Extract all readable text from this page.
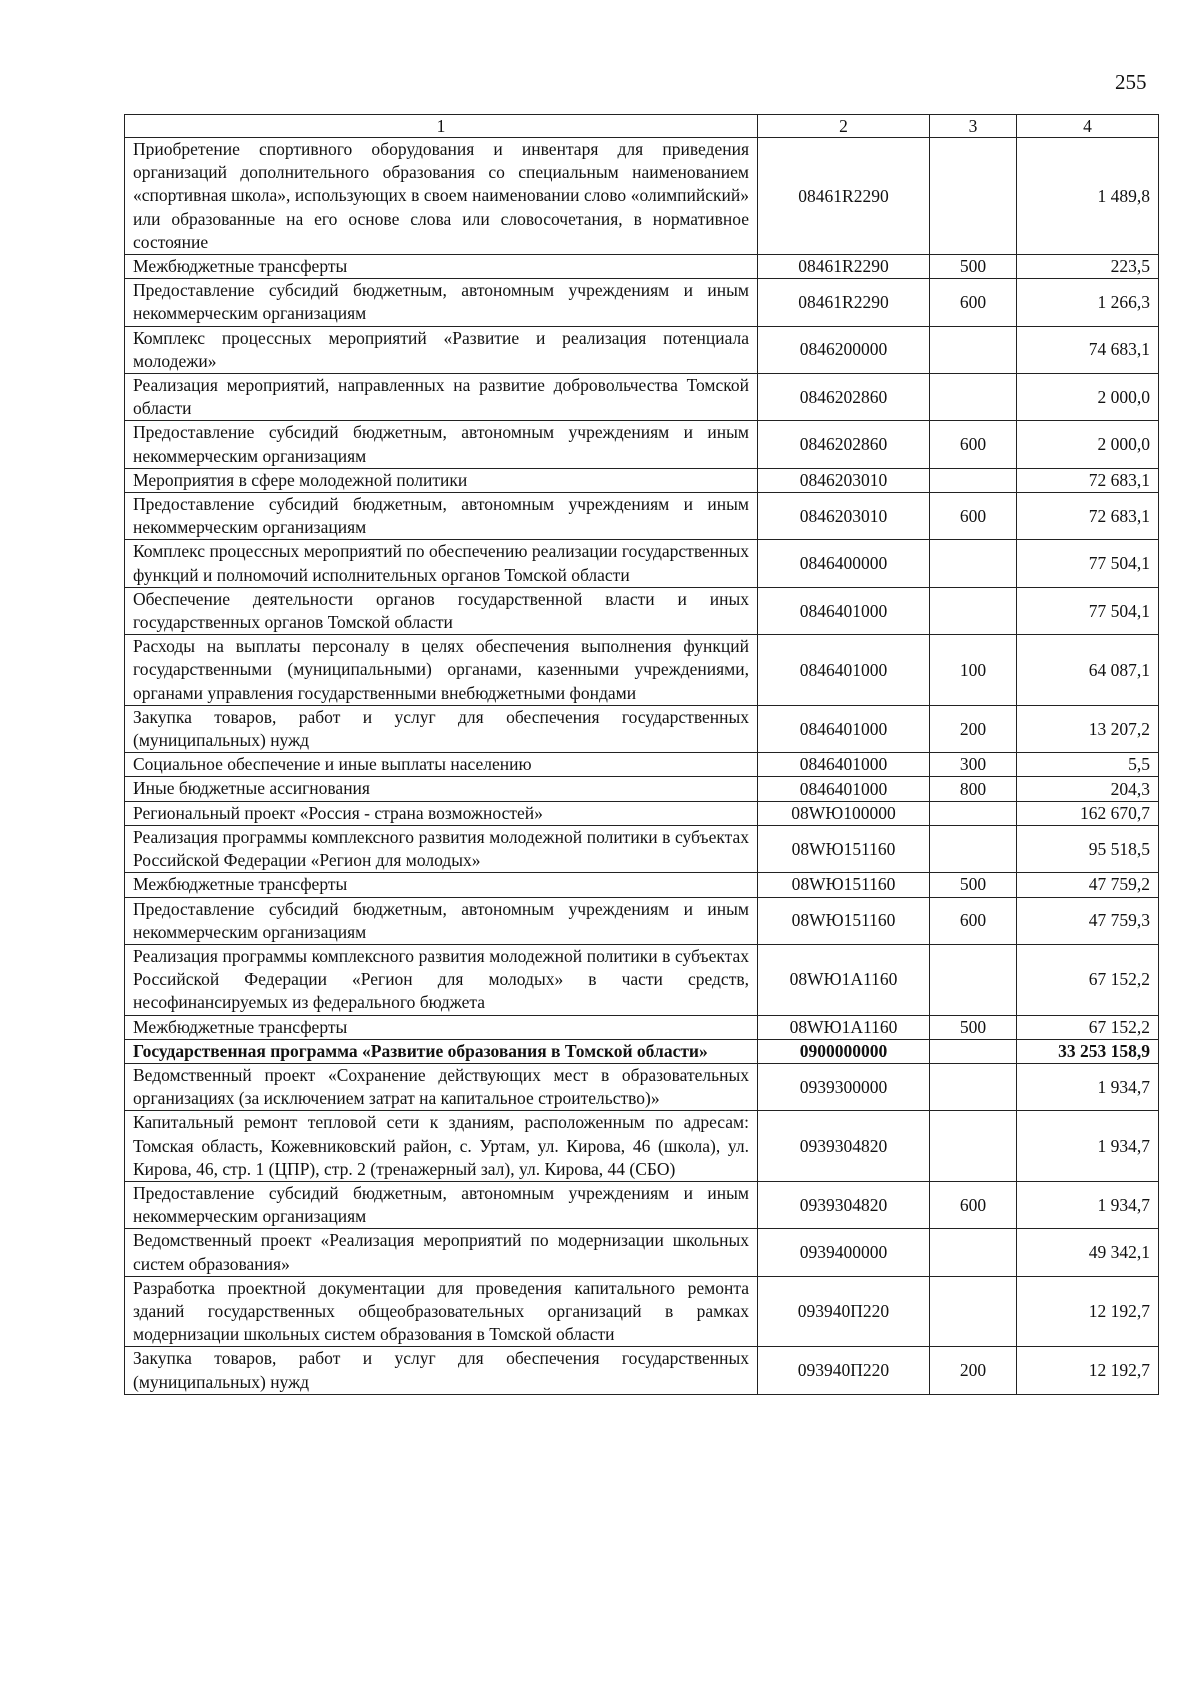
255
1	2	3	4
Приобретение спортивного оборудования и инвентаря для приведения организаций дополнительного образования со специальным наименованием «спортивная школа», использующих в своем наименовании слово «олимпийский» или образованные на его основе слова или словосочетания, в нормативное состояние	08461R2290		1 489,8
Межбюджетные трансферты	08461R2290	500	223,5
Предоставление субсидий бюджетным, автономным учреждениям и иным некоммерческим организациям	08461R2290	600	1 266,3
Комплекс процессных мероприятий «Развитие и реализация потенциала молодежи»	0846200000		74 683,1
Реализация мероприятий, направленных на развитие добровольчества Томской области	0846202860		2 000,0
Предоставление субсидий бюджетным, автономным учреждениям и иным некоммерческим организациям	0846202860	600	2 000,0
Мероприятия в сфере молодежной политики	0846203010		72 683,1
Предоставление субсидий бюджетным, автономным учреждениям и иным некоммерческим организациям	0846203010	600	72 683,1
Комплекс процессных мероприятий по обеспечению реализации государственных функций и полномочий исполнительных органов Томской области	0846400000		77 504,1
Обеспечение деятельности органов государственной власти и иных государственных органов Томской области	0846401000		77 504,1
Расходы на выплаты персоналу в целях обеспечения выполнения функций государственными (муниципальными) органами, казенными учреждениями, органами управления государственными внебюджетными фондами	0846401000	100	64 087,1
Закупка товаров, работ и услуг для обеспечения государственных (муниципальных) нужд	0846401000	200	13 207,2
Социальное обеспечение и иные выплаты населению	0846401000	300	5,5
Иные бюджетные ассигнования	0846401000	800	204,3
Региональный проект «Россия - страна возможностей»	08WЮ100000		162 670,7
Реализация программы комплексного развития молодежной политики в субъектах Российской Федерации «Регион для молодых»	08WЮ151160		95 518,5
Межбюджетные трансферты	08WЮ151160	500	47 759,2
Предоставление субсидий бюджетным, автономным учреждениям и иным некоммерческим организациям	08WЮ151160	600	47 759,3
Реализация программы комплексного развития молодежной политики в субъектах Российской Федерации «Регион для молодых» в части средств, несофинансируемых из федерального бюджета	08WЮ1А1160		67 152,2
Межбюджетные трансферты	08WЮ1А1160	500	67 152,2
Государственная программа «Развитие образования в Томской области»	0900000000		33 253 158,9
Ведомственный проект «Сохранение действующих мест в образовательных организациях (за исключением затрат на капитальное строительство)»	0939300000		1 934,7
Капитальный ремонт тепловой сети к зданиям, расположенным по адресам: Томская область, Кожевниковский район, с. Уртам, ул. Кирова, 46 (школа), ул. Кирова, 46, стр. 1 (ЦПР), стр. 2 (тренажерный зал), ул. Кирова, 44 (СБО)	0939304820		1 934,7
Предоставление субсидий бюджетным, автономным учреждениям и иным некоммерческим организациям	0939304820	600	1 934,7
Ведомственный проект «Реализация мероприятий по модернизации школьных систем образования»	0939400000		49 342,1
Разработка проектной документации для проведения капитального ремонта зданий государственных общеобразовательных организаций в рамках модернизации школьных систем образования в Томской области	093940П220		12 192,7
Закупка товаров, работ и услуг для обеспечения государственных (муниципальных) нужд	093940П220	200	12 192,7
